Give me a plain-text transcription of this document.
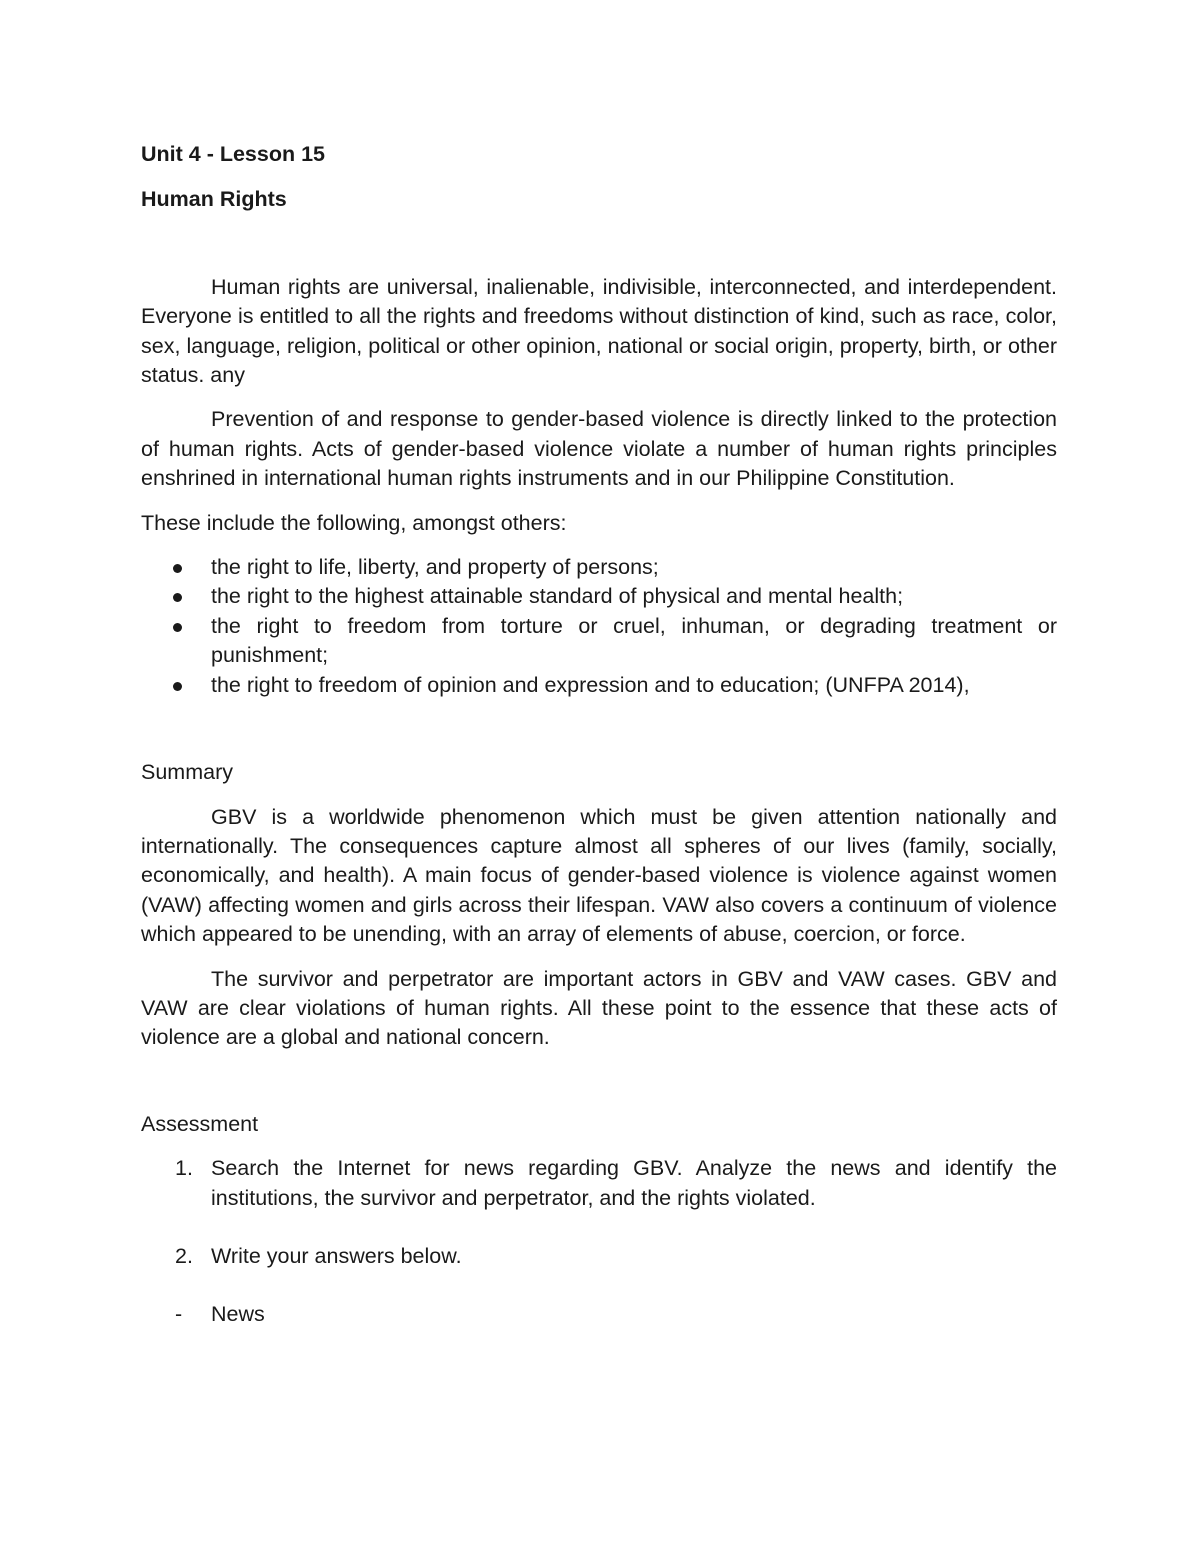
Unit 4 - Lesson 15

Human Rights

Human rights are universal, inalienable, indivisible, interconnected, and interdependent. Everyone is entitled to all the rights and freedoms without distinction of kind, such as race, color, sex, language, religion, political or other opinion, national or social origin, property, birth, or other status. any

Prevention of and response to gender-based violence is directly linked to the protection of human rights. Acts of gender-based violence violate a number of human rights principles enshrined in international human rights instruments and in our Philippine Constitution.

These include the following, amongst others:

the right to life, liberty, and property of persons;
the right to the highest attainable standard of physical and mental health;
the right to freedom from torture or cruel, inhuman, or degrading treatment or punishment;
the right to freedom of opinion and expression and to education; (UNFPA 2014),

Summary

GBV is a worldwide phenomenon which must be given attention nationally and internationally. The consequences capture almost all spheres of our lives (family, socially, economically, and health). A main focus of gender-based violence is violence against women (VAW) affecting women and girls across their lifespan. VAW also covers a continuum of violence which appeared to be unending, with an array of elements of abuse, coercion, or force.

The survivor and perpetrator are important actors in GBV and VAW cases. GBV and VAW are clear violations of human rights. All these point to the essence that these acts of violence are a global and national concern.

Assessment

1. Search the Internet for news regarding GBV. Analyze the news and identify the institutions, the survivor and perpetrator, and the rights violated.
2. Write your answers below.
- News
